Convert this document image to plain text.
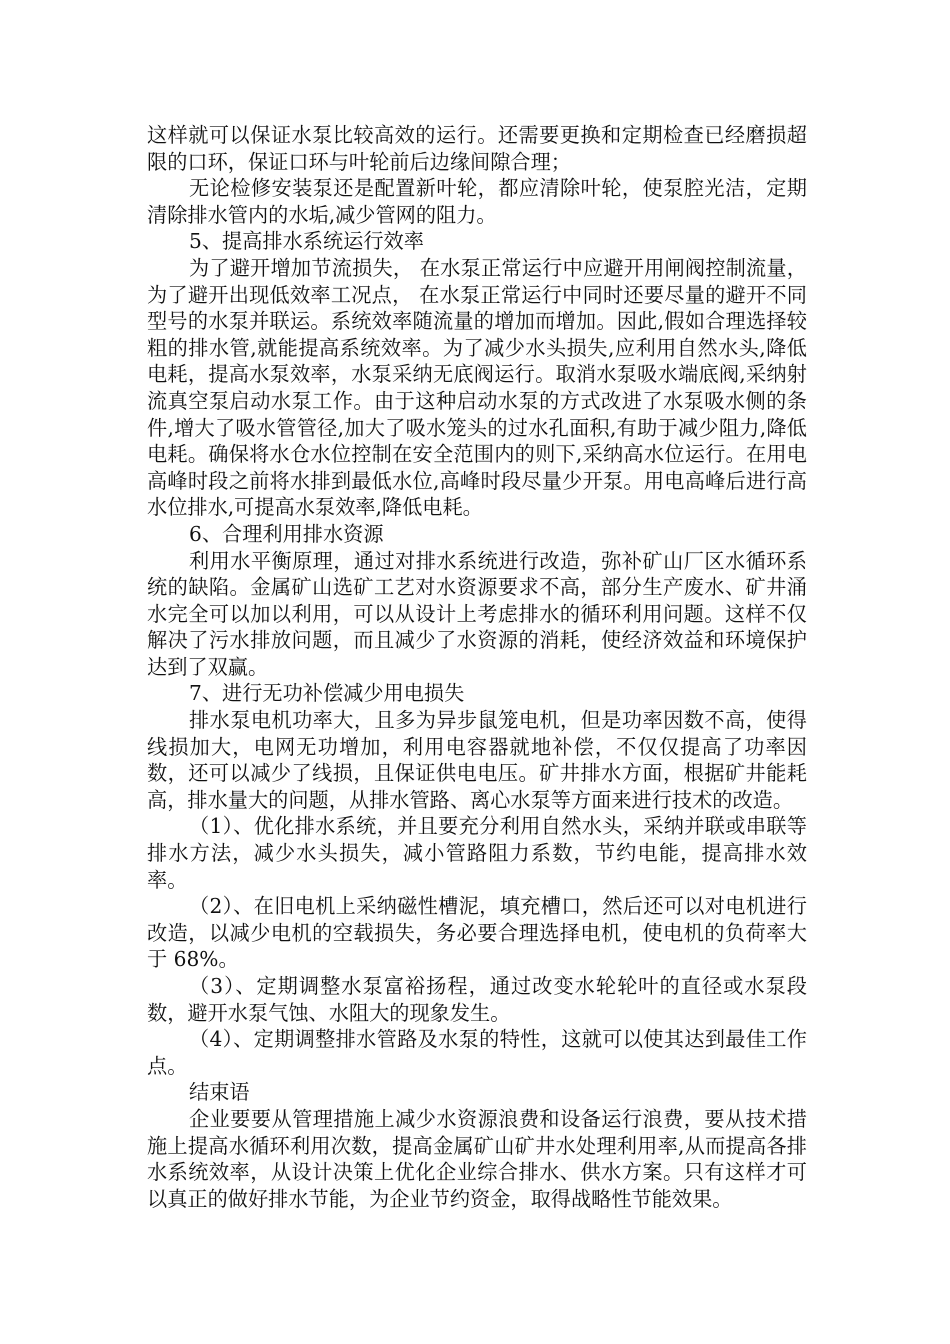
这样就可以保证水泵比较高效的运行。还需要更换和定期检查已经磨损超限的口环，保证口环与叶轮前后边缘间隙合理；

无论检修安装泵还是配置新叶轮，都应清除叶轮，使泵腔光洁，定期清除排水管内的水垢,减少管网的阻力。

5、提高排水系统运行效率

为了避开增加节流损失， 在水泵正常运行中应避开用闸阀控制流量，为了避开出现低效率工况点， 在水泵正常运行中同时还要尽量的避开不同型号的水泵并联运。系统效率随流量的增加而增加。因此,假如合理选择较粗的排水管,就能提高系统效率。为了减少水头损失,应利用自然水头,降低电耗，提高水泵效率，水泵采纳无底阀运行。取消水泵吸水端底阀,采纳射流真空泵启动水泵工作。由于这种启动水泵的方式改进了水泵吸水侧的条件,增大了吸水管管径,加大了吸水笼头的过水孔面积,有助于减少阻力,降低电耗。确保将水仓水位控制在安全范围内的则下,采纳高水位运行。在用电高峰时段之前将水排到最低水位,高峰时段尽量少开泵。用电高峰后进行高水位排水,可提高水泵效率,降低电耗。

6、合理利用排水资源

利用水平衡原理，通过对排水系统进行改造，弥补矿山厂区水循环系统的缺陷。金属矿山选矿工艺对水资源要求不高，部分生产废水、矿井涌水完全可以加以利用，可以从设计上考虑排水的循环利用问题。这样不仅解决了污水排放问题，而且减少了水资源的消耗，使经济效益和环境保护达到了双赢。

7、进行无功补偿减少用电损失

排水泵电机功率大，且多为异步鼠笼电机，但是功率因数不高，使得线损加大，电网无功增加，利用电容器就地补偿，不仅仅提高了功率因数，还可以减少了线损，且保证供电电压。矿井排水方面，根据矿井能耗高，排水量大的问题，从排水管路、离心水泵等方面来进行技术的改造。

（1）、优化排水系统，并且要充分利用自然水头，采纳并联或串联等排水方法，减少水头损失，减小管路阻力系数，节约电能，提高排水效率。

（2）、在旧电机上采纳磁性槽泥，填充槽口，然后还可以对电机进行改造，以减少电机的空载损失，务必要合理选择电机，使电机的负荷率大于 68%。

（3）、定期调整水泵富裕扬程，通过改变水轮轮叶的直径或水泵段数，避开水泵气蚀、水阻大的现象发生。

（4）、定期调整排水管路及水泵的特性，这就可以使其达到最佳工作点。

结束语

企业要要从管理措施上减少水资源浪费和设备运行浪费，要从技术措施上提高水循环利用次数，提高金属矿山矿井水处理利用率,从而提高各排水系统效率，从设计决策上优化企业综合排水、供水方案。只有这样才可以真正的做好排水节能，为企业节约资金，取得战略性节能效果。
